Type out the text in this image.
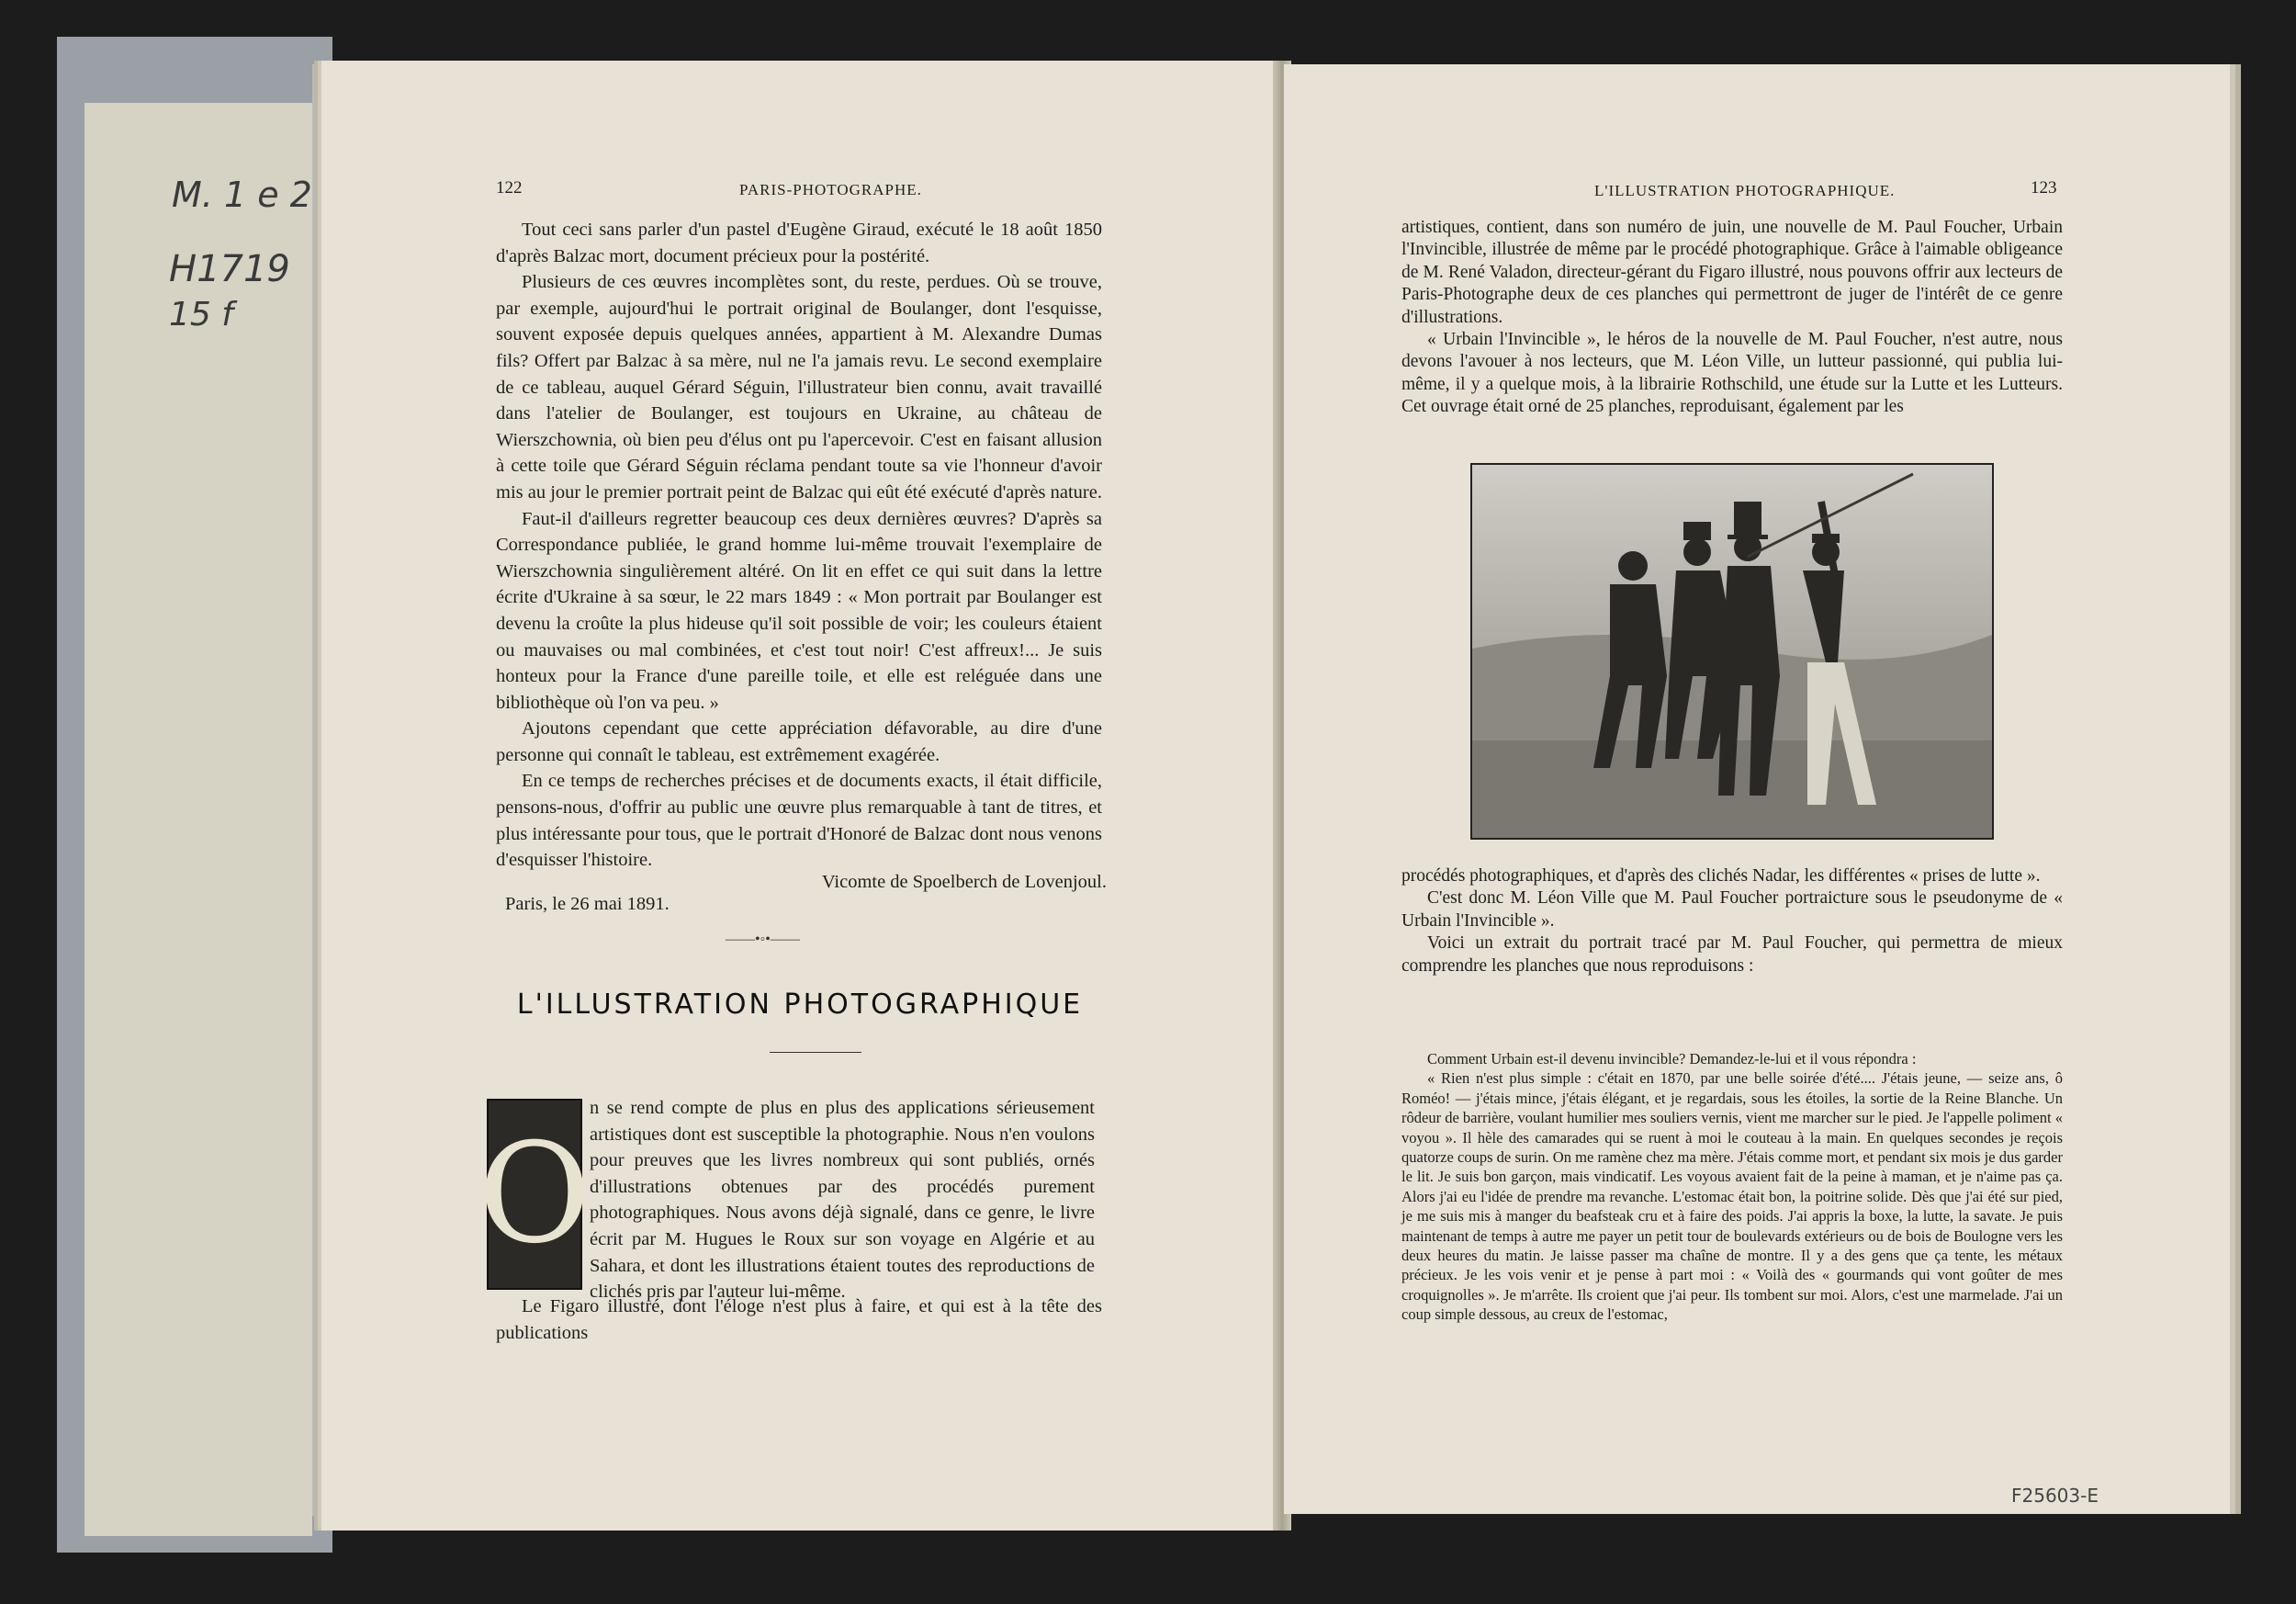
M. 1 e 2
H1719
15 f
122	PARIS-PHOTOGRAPHE.

Tout ceci sans parler d'un pastel d'Eugène Giraud, exécuté le 18 août 1850 d'après Balzac mort, document précieux pour la postérité.

Plusieurs de ces œuvres incomplètes sont, du reste, perdues. Où se trouve, par exemple, aujourd'hui le portrait original de Boulanger, dont l'esquisse, souvent exposée depuis quelques années, appartient à M. Alexandre Dumas fils? Offert par Balzac à sa mère, nul ne l'a jamais revu. Le second exemplaire de ce tableau, auquel Gérard Séguin, l'illustrateur bien connu, avait travaillé dans l'atelier de Boulanger, est toujours en Ukraine, au château de Wierszchownia, où bien peu d'élus ont pu l'apercevoir. C'est en faisant allusion à cette toile que Gérard Séguin réclama pendant toute sa vie l'honneur d'avoir mis au jour le premier portrait peint de Balzac qui eût été exécuté d'après nature.

Faut-il d'ailleurs regretter beaucoup ces deux dernières œuvres? D'après sa Correspondance publiée, le grand homme lui-même trouvait l'exemplaire de Wierszchownia singulièrement altéré. On lit en effet ce qui suit dans la lettre écrite d'Ukraine à sa sœur, le 22 mars 1849 : « Mon portrait par Boulanger est devenu la croûte la plus hideuse qu'il soit possible de voir; les couleurs étaient ou mauvaises ou mal combinées, et c'est tout noir! C'est affreux!... Je suis honteux pour la France d'une pareille toile, et elle est reléguée dans une bibliothèque où l'on va peu. »

Ajoutons cependant que cette appréciation défavorable, au dire d'une personne qui connaît le tableau, est extrêmement exagérée.

En ce temps de recherches précises et de documents exacts, il était difficile, pensons-nous, d'offrir au public une œuvre plus remarquable à tant de titres, et plus intéressante pour tous, que le portrait d'Honoré de Balzac dont nous venons d'esquisser l'histoire.

Vicomte de Spoelberch de Lovenjoul.
Paris, le 26 mai 1891.
——•◦•——
L'ILLUSTRATION PHOTOGRAPHIQUE
O
n se rend compte de plus en plus des applications sérieusement artistiques dont est susceptible la photographie. Nous n'en voulons pour preuves que les livres nombreux qui sont publiés, ornés d'illustrations obtenues par des procédés purement photographiques. Nous avons déjà signalé, dans ce genre, le livre écrit par M. Hugues le Roux sur son voyage en Algérie et au Sahara, et dont les illustrations étaient toutes des reproductions de clichés pris par l'auteur lui-même.
Le Figaro illustré, dont l'éloge n'est plus à faire, et qui est à la tête des publications
L'ILLUSTRATION PHOTOGRAPHIQUE.	123

artistiques, contient, dans son numéro de juin, une nouvelle de M. Paul Foucher, Urbain l'Invincible, illustrée de même par le procédé photographique. Grâce à l'aimable obligeance de M. René Valadon, directeur-gérant du Figaro illustré, nous pouvons offrir aux lecteurs de Paris-Photographe deux de ces planches qui permettront de juger de l'intérêt de ce genre d'illustrations.

« Urbain l'Invincible », le héros de la nouvelle de M. Paul Foucher, n'est autre, nous devons l'avouer à nos lecteurs, que M. Léon Ville, un lutteur passionné, qui publia lui-même, il y a quelque mois, à la librairie Rothschild, une étude sur la Lutte et les Lutteurs. Cet ouvrage était orné de 25 planches, reproduisant, également par les

procédés photographiques, et d'après des clichés Nadar, les différentes « prises de lutte ».

C'est donc M. Léon Ville que M. Paul Foucher portraicture sous le pseudonyme de « Urbain l'Invincible ».

Voici un extrait du portrait tracé par M. Paul Foucher, qui permettra de mieux comprendre les planches que nous reproduisons :

Comment Urbain est-il devenu invincible? Demandez-le-lui et il vous répondra :

« Rien n'est plus simple : c'était en 1870, par une belle soirée d'été.... J'étais jeune, — seize ans, ô Roméo! — j'étais mince, j'étais élégant, et je regardais, sous les étoiles, la sortie de la Reine Blanche. Un rôdeur de barrière, voulant humilier mes souliers vernis, vient me marcher sur le pied. Je l'appelle poliment « voyou ». Il hèle des camarades qui se ruent à moi le couteau à la main. En quelques secondes je reçois quatorze coups de surin. On me ramène chez ma mère. J'étais comme mort, et pendant six mois je dus garder le lit. Je suis bon garçon, mais vindicatif. Les voyous avaient fait de la peine à maman, et je n'aime pas ça. Alors j'ai eu l'idée de prendre ma revanche. L'estomac était bon, la poitrine solide. Dès que j'ai été sur pied, je me suis mis à manger du beafsteak cru et à faire des poids. J'ai appris la boxe, la lutte, la savate. Je puis maintenant de temps à autre me payer un petit tour de boulevards extérieurs ou de bois de Boulogne vers les deux heures du matin. Je laisse passer ma chaîne de montre. Il y a des gens que ça tente, les métaux précieux. Je les vois venir et je pense à part moi : « Voilà des « gourmands qui vont goûter de mes croquignolles ». Je m'arrête. Ils croient que j'ai peur. Ils tombent sur moi. Alors, c'est une marmelade. J'ai un coup simple dessous, au creux de l'estomac,

F25603-E
